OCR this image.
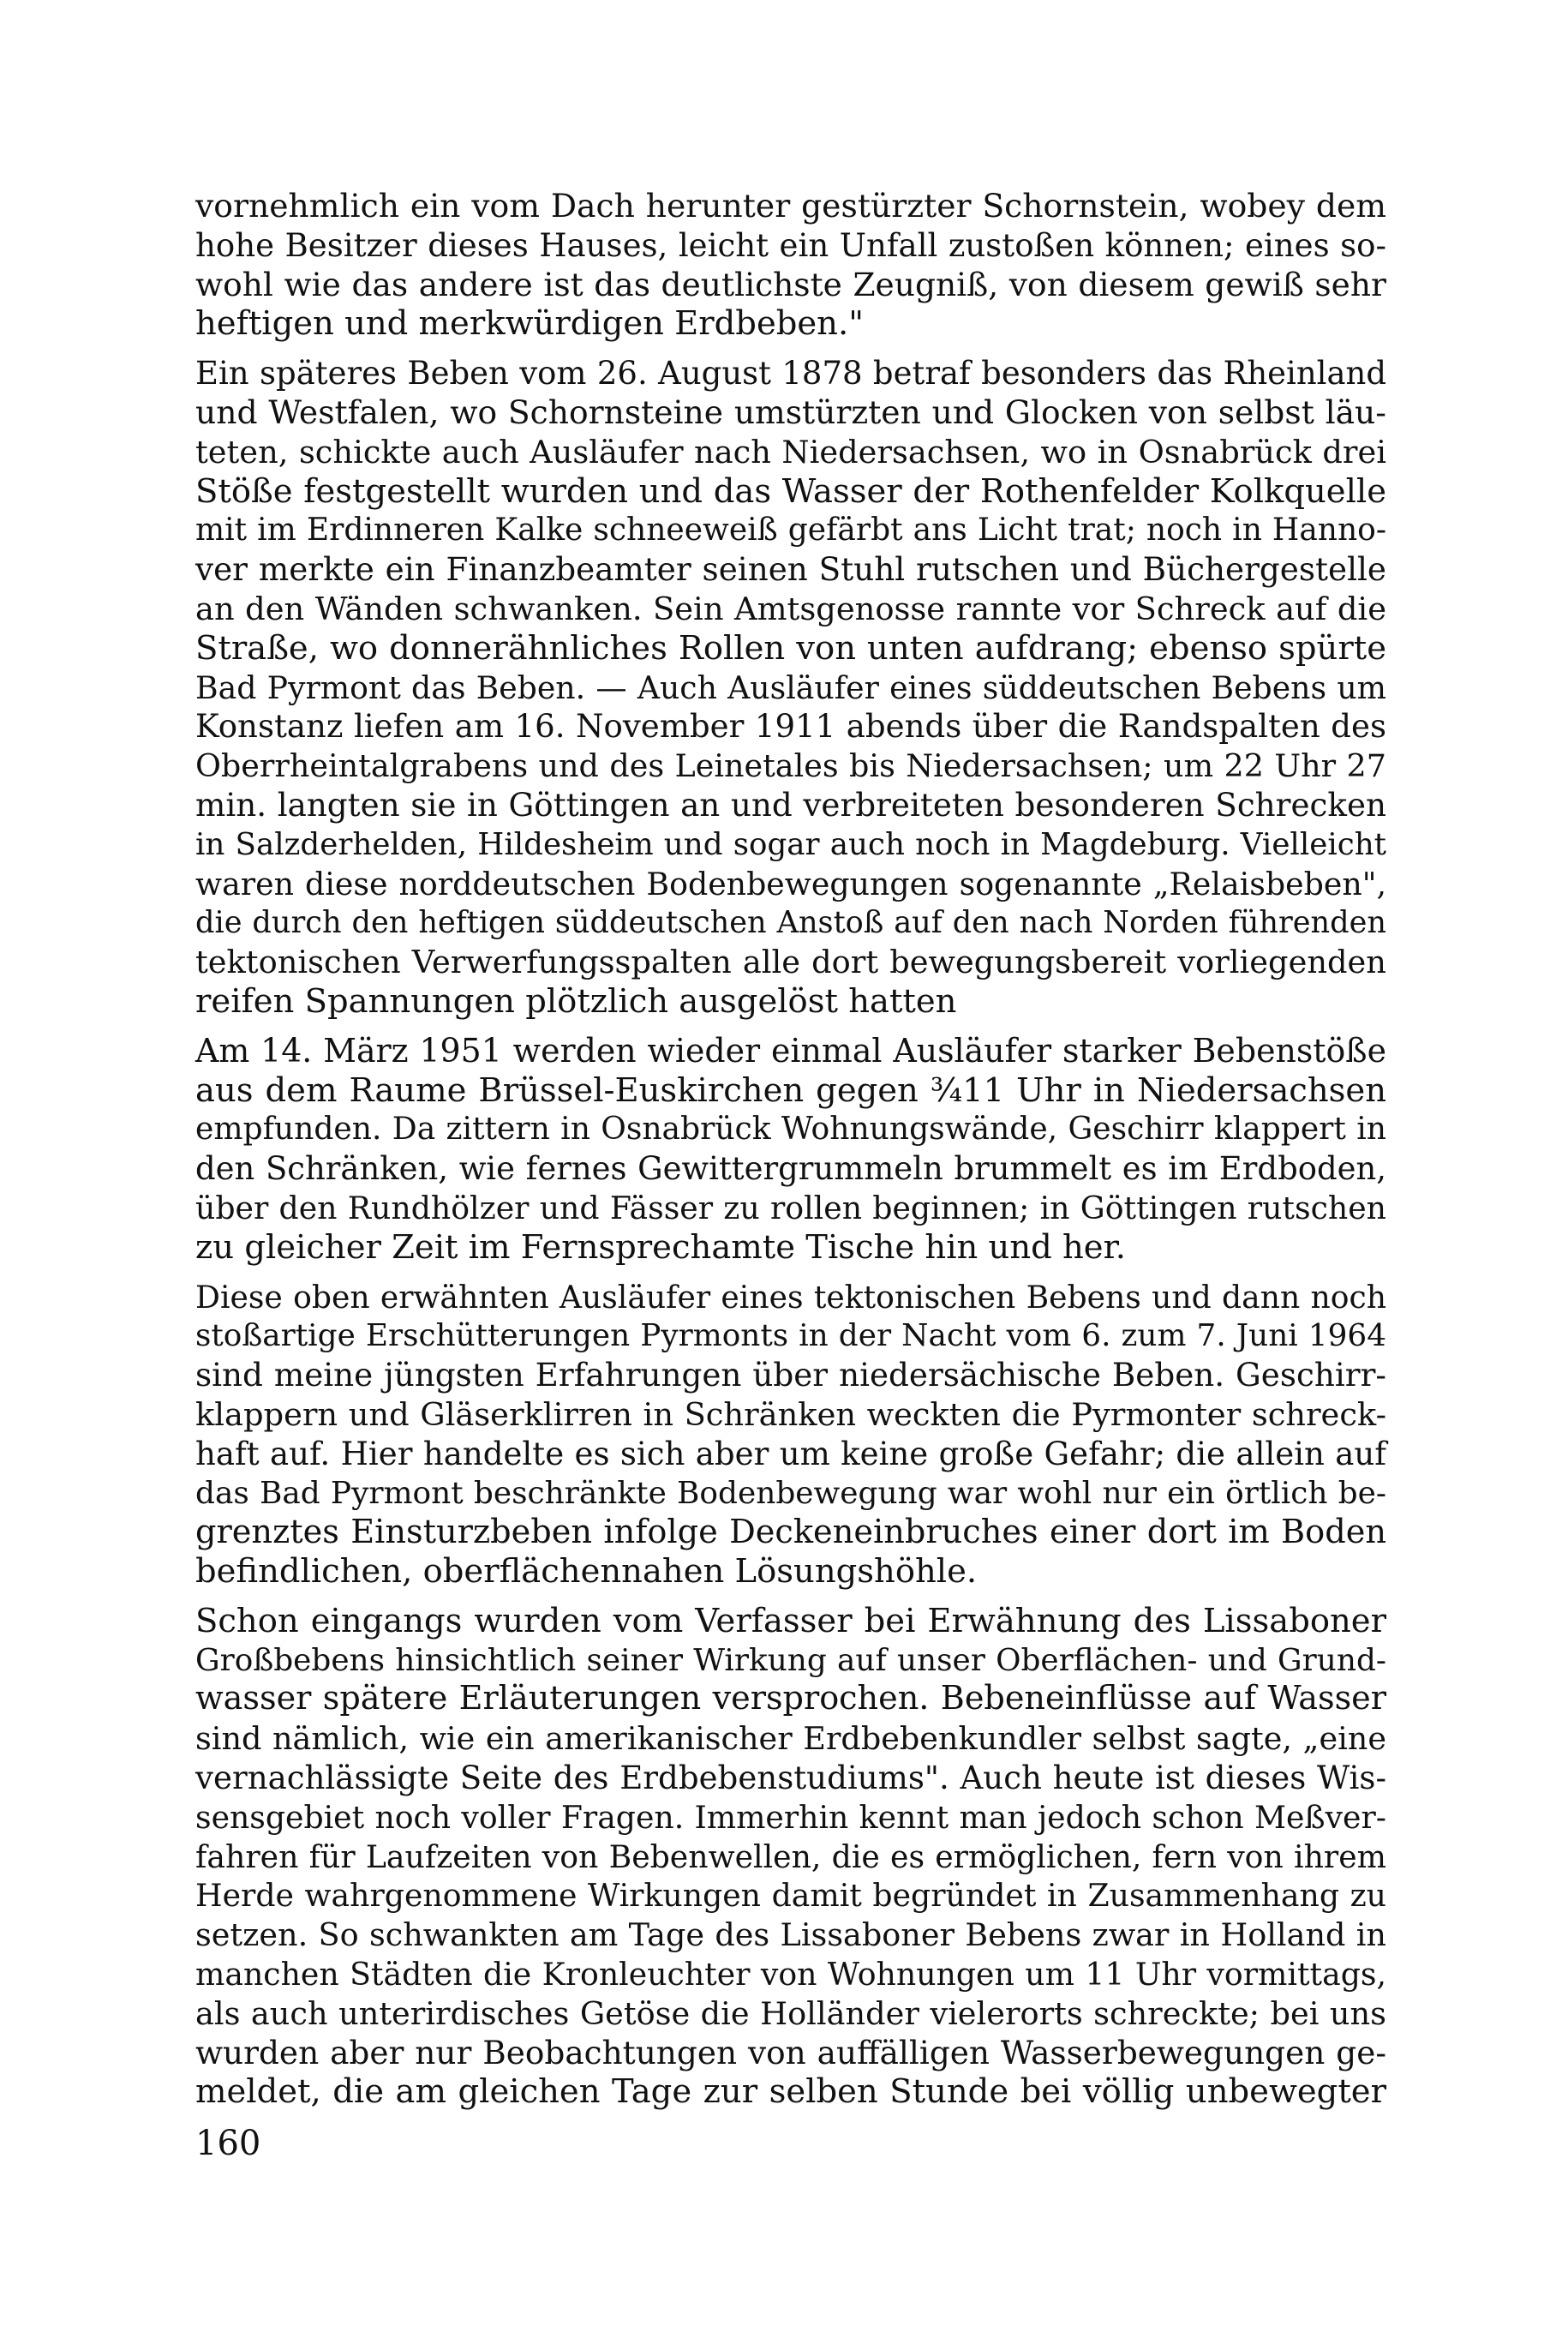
vornehmlich ein vom Dach herunter gestürzter Schornstein, wobey dem
hohe Besitzer dieses Hauses, leicht ein Unfall zustoßen können; eines so-
wohl wie das andere ist das deutlichste Zeugniß, von diesem gewiß sehr
heftigen und merkwürdigen Erdbeben."

Ein späteres Beben vom 26. August 1878 betraf besonders das Rheinland
und Westfalen, wo Schornsteine umstürzten und Glocken von selbst läu-
teten, schickte auch Ausläufer nach Niedersachsen, wo in Osnabrück drei
Stöße festgestellt wurden und das Wasser der Rothenfelder Kolkquelle
mit im Erdinneren Kalke schneeweiß gefärbt ans Licht trat; noch in Hanno-
ver merkte ein Finanzbeamter seinen Stuhl rutschen und Büchergestelle
an den Wänden schwanken. Sein Amtsgenosse rannte vor Schreck auf die
Straße, wo donnerähnliches Rollen von unten aufdrang; ebenso spürte
Bad Pyrmont das Beben. — Auch Ausläufer eines süddeutschen Bebens um
Konstanz liefen am 16. November 1911 abends über die Randspalten des
Oberrheintalgrabens und des Leinetales bis Niedersachsen; um 22 Uhr 27
min. langten sie in Göttingen an und verbreiteten besonderen Schrecken
in Salzderhelden, Hildesheim und sogar auch noch in Magdeburg. Vielleicht
waren diese norddeutschen Bodenbewegungen sogenannte „Relaisbeben",
die durch den heftigen süddeutschen Anstoß auf den nach Norden führenden
tektonischen Verwerfungsspalten alle dort bewegungsbereit vorliegenden
reifen Spannungen plötzlich ausgelöst hatten

Am 14. März 1951 werden wieder einmal Ausläufer starker Bebenstöße
aus dem Raume Brüssel-Euskirchen gegen ¾11 Uhr in Niedersachsen
empfunden. Da zittern in Osnabrück Wohnungswände, Geschirr klappert in
den Schränken, wie fernes Gewittergrummeln brummelt es im Erdboden,
über den Rundhölzer und Fässer zu rollen beginnen; in Göttingen rutschen
zu gleicher Zeit im Fernsprechamte Tische hin und her.

Diese oben erwähnten Ausläufer eines tektonischen Bebens und dann noch
stoßartige Erschütterungen Pyrmonts in der Nacht vom 6. zum 7. Juni 1964
sind meine jüngsten Erfahrungen über niedersächische Beben. Geschirr-
klappern und Gläserklirren in Schränken weckten die Pyrmonter schreck-
haft auf. Hier handelte es sich aber um keine große Gefahr; die allein auf
das Bad Pyrmont beschränkte Bodenbewegung war wohl nur ein örtlich be-
grenztes Einsturzbeben infolge Deckeneinbruches einer dort im Boden
befindlichen, oberflächennahen Lösungshöhle.

Schon eingangs wurden vom Verfasser bei Erwähnung des Lissaboner
Großbebens hinsichtlich seiner Wirkung auf unser Oberflächen- und Grund-
wasser spätere Erläuterungen versprochen. Bebeneinflüsse auf Wasser
sind nämlich, wie ein amerikanischer Erdbebenkundler selbst sagte, „eine
vernachlässigte Seite des Erdbebenstudiums". Auch heute ist dieses Wis-
sensgebiet noch voller Fragen. Immerhin kennt man jedoch schon Meßver-
fahren für Laufzeiten von Bebenwellen, die es ermöglichen, fern von ihrem
Herde wahrgenommene Wirkungen damit begründet in Zusammenhang zu
setzen. So schwankten am Tage des Lissaboner Bebens zwar in Holland in
manchen Städten die Kronleuchter von Wohnungen um 11 Uhr vormittags,
als auch unterirdisches Getöse die Holländer vielerorts schreckte; bei uns
wurden aber nur Beobachtungen von auffälligen Wasserbewegungen ge-
meldet, die am gleichen Tage zur selben Stunde bei völlig unbewegter

160
